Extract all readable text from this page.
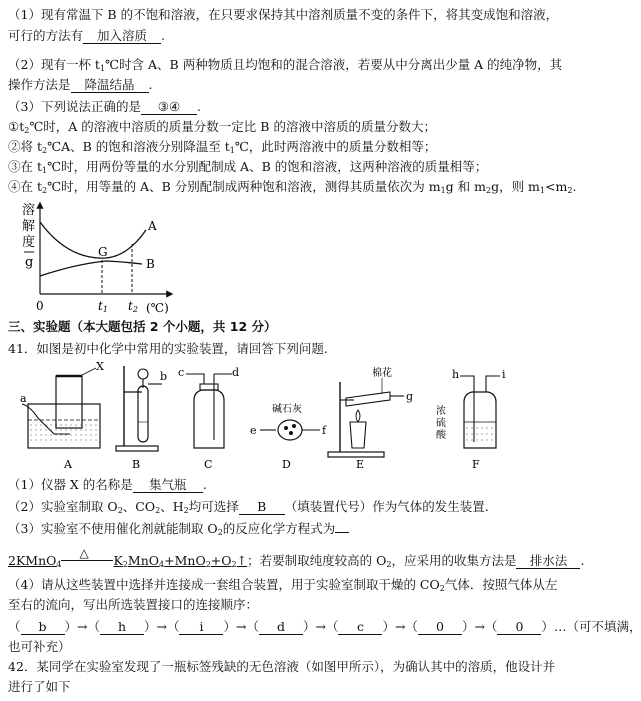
（1）现有常温下 B 的不饱和溶液，在只要求保持其中溶剂质量不变的条件下，将其变成饱和溶液，
可行的方法有 加入溶质 .
（2）现有一杯 $t_1℃$时含 A、B 两种物质且均饱和的混合溶液，若要从中分离出少量 A 的纯净物，其
操作方法是 降温结晶 .
（3）下列说法正确的是 ③④ .
$①t_2℃$时，A 的溶液中溶质的质量分数一定比 B 的溶液中溶质的质量分数大；
②将 $t_2℃A$、B 的饱和溶液分别降温至 $t_1℃$，此时两溶液中的质量分数相等；
③在 $t_1℃$时，用两份等量的水分别配制成 A、B 的饱和溶液，这两种溶液的质量相等；
④在 $t_2℃$时，用等量的 A、B 分别配制成两种饱和溶液，测得其质量依次为 $m_1g$ 和 $m_2g$，则 $m_1<m_2$.
溶
解
度
g
0	t1 t2 (℃)
A
B
G
三、实验题（本大题包括 2 个小题，共 12 分）
41．如图是初中化学中常用的实验装置，请回答下列问题.
X
a
b c	d
碱石灰
e	f
棉花
g
h	i
浓
硫
酸
A	B	C	D	E	F
（1）仪器 X 的名称是 集气瓶 .
（2）实验室制取 $O_2$、$CO_2$、$H_2$均可选择 B （填装置代号）作为气体的发生装置.
（3）实验室不使用催化剂就能制取 $O_2$的反应化学方程式为
2KMnO$_4$
△ $K_2MnO_4+MnO_2+O_2↑$；若要制取纯度较高的 $O_2$，应采用的收集方法是 排水法 .
（4）请从这些装置中选择并连接成一套组合装置，用于实验室制取干燥的 $CO_2$气体．按照气体从左
至右的流向，写出所选装置接口的连接顺序：
（ b ）→（ h ）→（ i ）→（ d ）→（ c ）→（ 0 ）→（ 0 ）…（可不填满，
也可补充）
42．某同学在实验室发现了一瓶标签残缺的无色溶液（如图甲所示），为确认其中的溶质，他设计并
进行了如下
